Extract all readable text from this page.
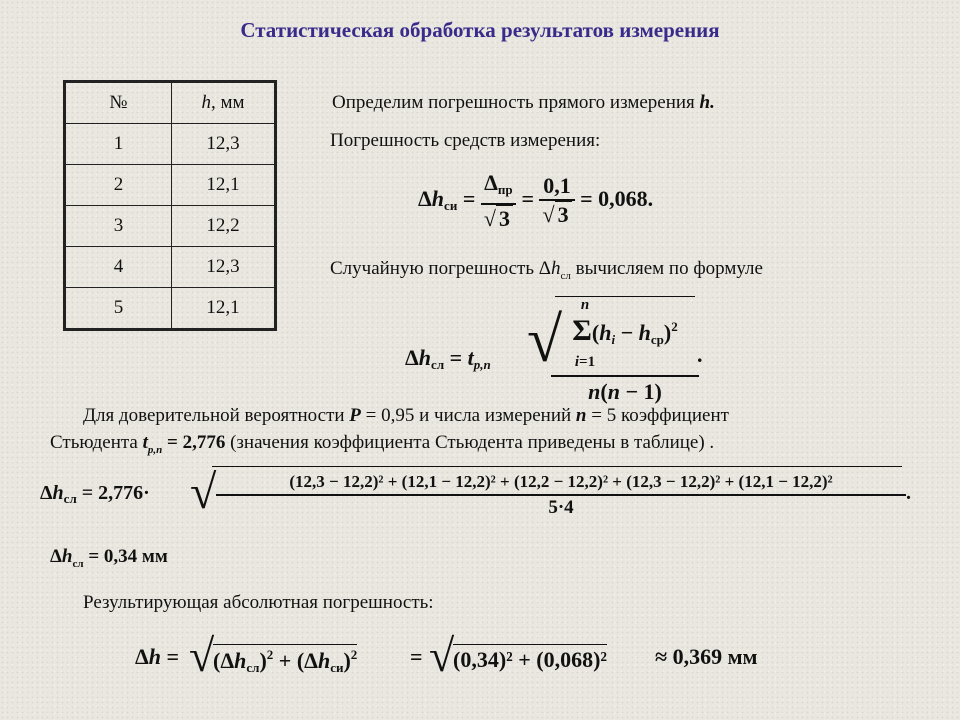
Статистическая обработка результатов измерения
№	h, мм
1	12,3
2	12,1
3	12,2
4	12,3
5	12,1
Определим погрешность прямого измерения h.
Погрешность средств измерения:
$\Delta h_{си} = \frac{\Delta_{пр}}{√ 3} = \frac{0,1}{√ 3} = 0,068$.
Случайную погрешность $\Delta h_{сл}$ вычисляем по формуле
$\Delta h_{сл} = t_{p,n}$ √	n
$\Sigma(h_i - h_{ср})^2$
i=1
n(n − 1)
.
Для доверительной вероятности P = 0,95 и числа измерений n = 5 коэффициент
Стьюдента $t_{p,n} = 2,776$ (значения коэффициента Стьюдента приведены в таблице) .
$\Delta h_{сл} = 2,776\cdot$ √	(12,3 − 12,2)² + (12,1 − 12,2)² + (12,2 − 12,2)² + (12,3 − 12,2)² + (12,1 − 12,2)²
5·4
.
$\Delta h_{сл} = 0,34$ мм
Результирующая абсолютная погрешность:
Δh = √
$(\Delta h_{сл})^2 + (\Delta h_{си})^2$ = √
(0,34)² + (0,068)² ≈ 0,369 мм
